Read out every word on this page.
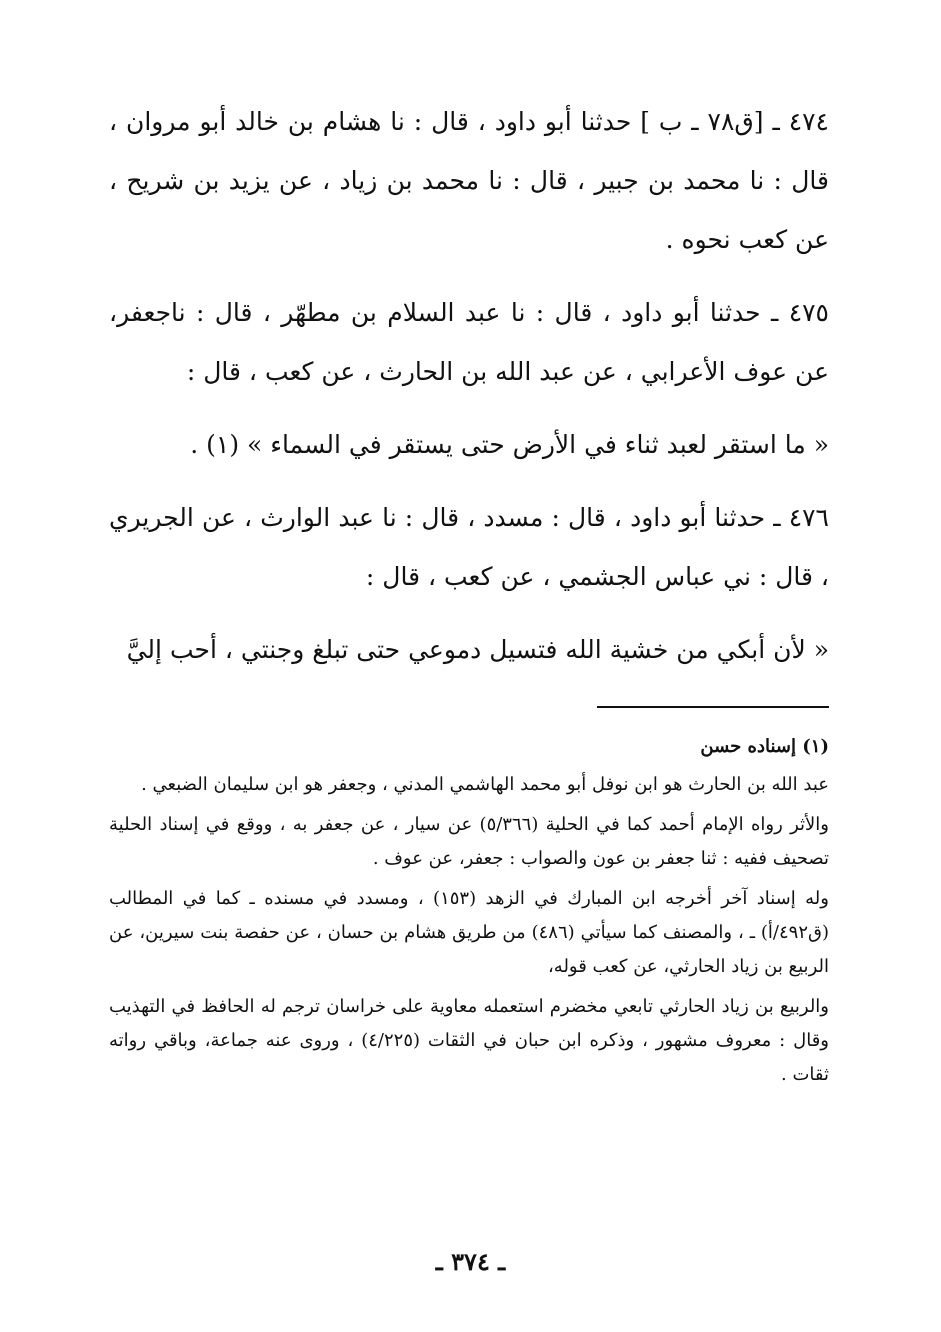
٤٧٤ ـ [ق٧٨ ـ ب ] حدثنا أبو داود ، قال : نا هشام بن خالد أبو مروان ، قال : نا محمد بن جبير ، قال : نا محمد بن زياد ، عن يزيد بن شريح ، عن كعب نحوه .

٤٧٥ ـ حدثنا أبو داود ، قال : نا عبد السلام بن مطهّر ، قال : ناجعفر، عن عوف الأعرابي ، عن عبد الله بن الحارث ، عن كعب ، قال :

« ما استقر لعبد ثناء في الأرض حتى يستقر في السماء » (١) .

٤٧٦ ـ حدثنا أبو داود ، قال : مسدد ، قال : نا عبد الوارث ، عن الجريري ، قال : ني عباس الجشمي ، عن كعب ، قال :

« لأن أبكي من خشية الله فتسيل دموعي حتى تبلغ وجنتي ، أحب إليَّ

(١) إسناده حسن

عبد الله بن الحارث هو ابن نوفل أبو محمد الهاشمي المدني ، وجعفر هو ابن سليمان الضبعي .

والأثر رواه الإمام أحمد كما في الحلية (٥/٣٦٦) عن سيار ، عن جعفر به ، ووقع في إسناد الحلية تصحيف ففيه : ثنا جعفر بن عون والصواب : جعفر، عن عوف .

وله إسناد آخر أخرجه ابن المبارك في الزهد (١٥٣) ، ومسدد في مسنده ـ كما في المطالب (ق٤٩٢/أ) ـ ، والمصنف كما سيأتي (٤٨٦) من طريق هشام بن حسان ، عن حفصة بنت سيرين، عن الربيع بن زياد الحارثي، عن كعب قوله،

والربيع بن زياد الحارثي تابعي مخضرم استعمله معاوية على خراسان ترجم له الحافظ في التهذيب وقال : معروف مشهور ، وذكره ابن حبان في الثقات (٤/٢٢٥) ، وروى عنه جماعة، وباقي رواته ثقات .

ـ ٣٧٤ ـ
